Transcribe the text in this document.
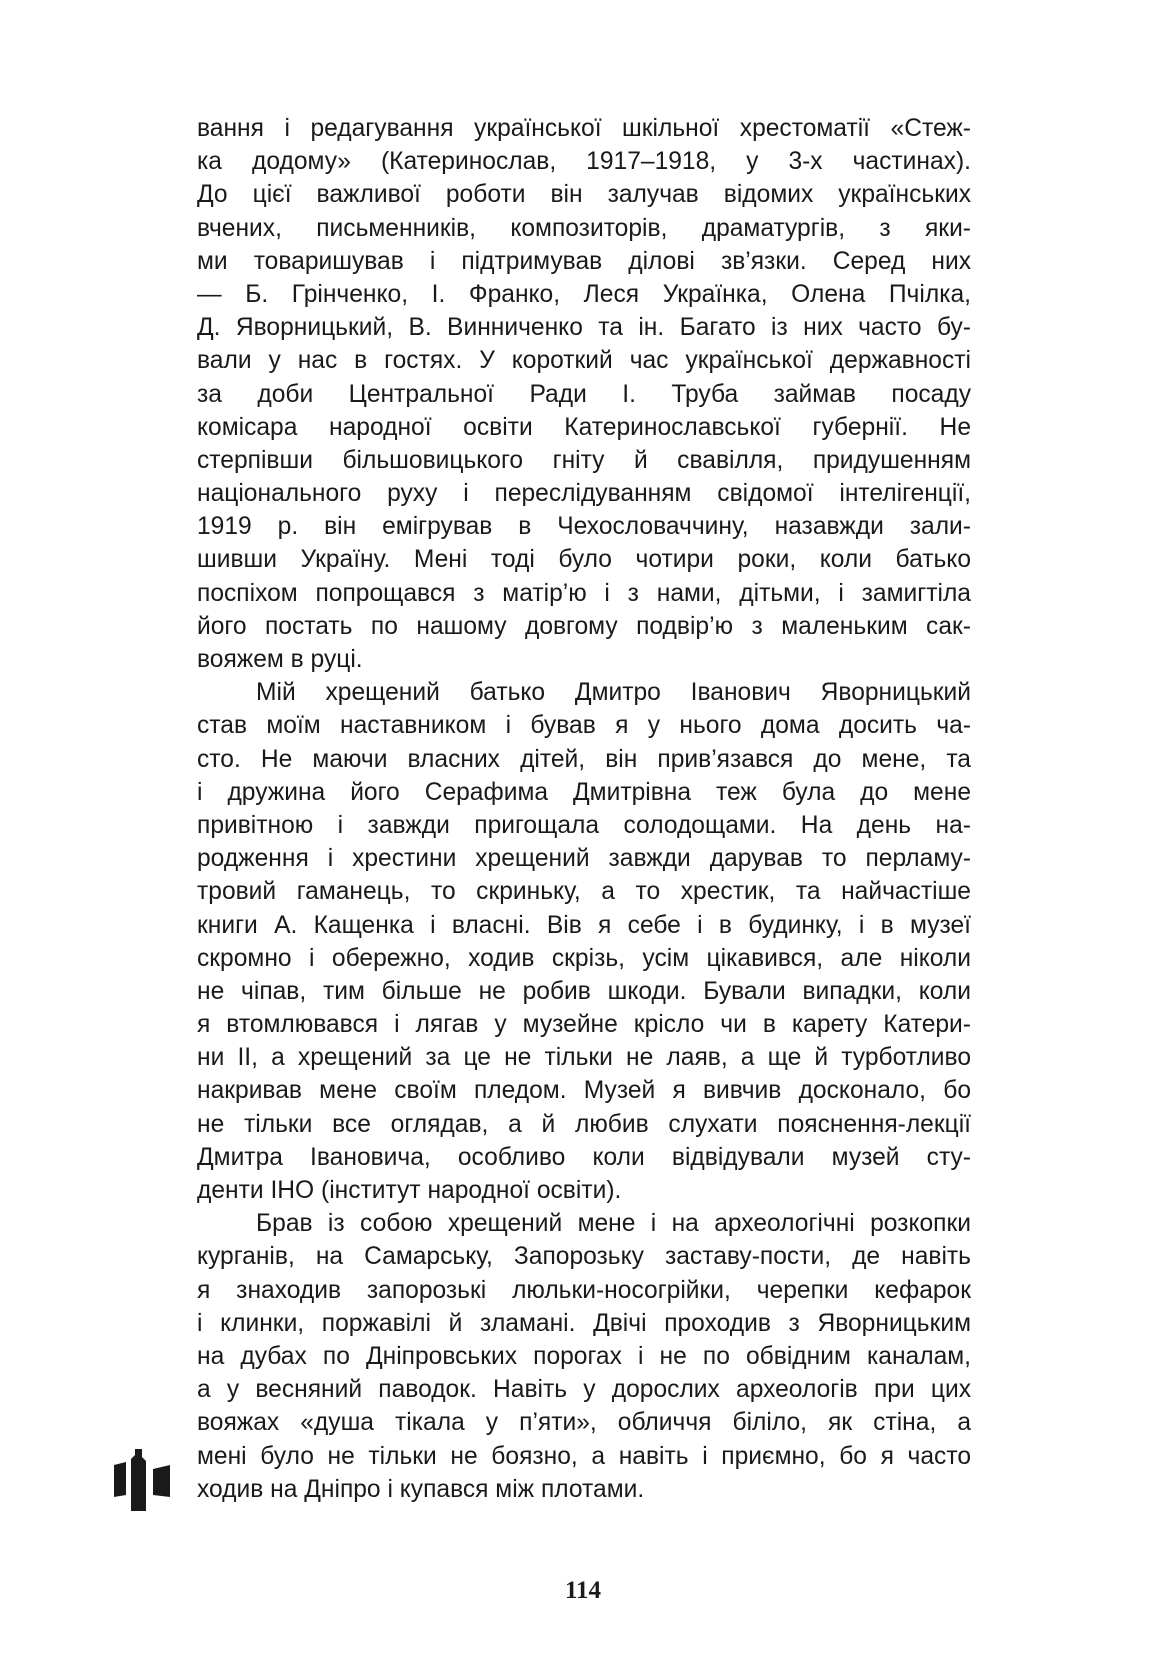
вання і редагування української шкільної хрестоматії «Стеж-
ка додому» (Катеринослав, 1917–1918, у 3-х частинах).
До цієї важливої роботи він залучав відомих українських
вчених, письменників, композиторів, драматургів, з яки-
ми товаришував і підтримував ділові зв’язки. Серед них
— Б. Грінченко, І. Франко, Леся Українка, Олена Пчілка,
Д. Яворницький, В. Винниченко та ін. Багато із них часто бу-
вали у нас в гостях. У короткий час української державності
за доби Центральної Ради І. Труба займав посаду
комісара народної освіти Катеринославської губернії. Не
стерпівши більшовицького гніту й свавілля, придушенням
національного руху і переслідуванням свідомої інтелігенції,
1919 р. він емігрував в Чехословаччину, назавжди зали-
шивши Україну. Мені тоді було чотири роки, коли батько
поспіхом попрощався з матір’ю і з нами, дітьми, і замигтіла
його постать по нашому довгому подвір’ю з маленьким сак-
вояжем в руці.
Мій хрещений батько Дмитро Іванович Яворницький
став моїм наставником і бував я у нього дома досить ча-
сто. Не маючи власних дітей, він прив’язався до мене, та
і дружина його Серафима Дмитрівна теж була до мене
привітною і завжди пригощала солодощами. На день на-
родження і хрестини хрещений завжди дарував то перламу-
тровий гаманець, то скриньку, а то хрестик, та найчастіше
книги А. Кащенка і власні. Вів я себе і в будинку, і в музеї
скромно і обережно, ходив скрізь, усім цікавився, але ніколи
не чіпав, тим більше не робив шкоди. Бували випадки, коли
я втомлювався і лягав у музейне крісло чи в карету Катери-
ни II, а хрещений за це не тільки не лаяв, а ще й турботливо
накривав мене своїм пледом. Музей я вивчив досконало, бо
не тільки все оглядав, а й любив слухати пояснення-лекції
Дмитра Івановича, особливо коли відвідували музей сту-
денти ІНО (інститут народної освіти).
Брав із собою хрещений мене і на археологічні розкопки
курганів, на Самарську, Запорозьку заставу-пости, де навіть
я знаходив запорозькі люльки-носогрійки, черепки кефарок
і клинки, поржавілі й зламані. Двічі проходив з Яворницьким
на дубах по Дніпровських порогах і не по обвідним каналам,
а у весняний паводок. Навіть у дорослих археологів при цих
вояжах «душа тікала у п’яти», обличчя біліло, як стіна, а
мені було не тільки не боязно, а навіть і приємно, бо я часто
ходив на Дніпро і купався між плотами.
114
